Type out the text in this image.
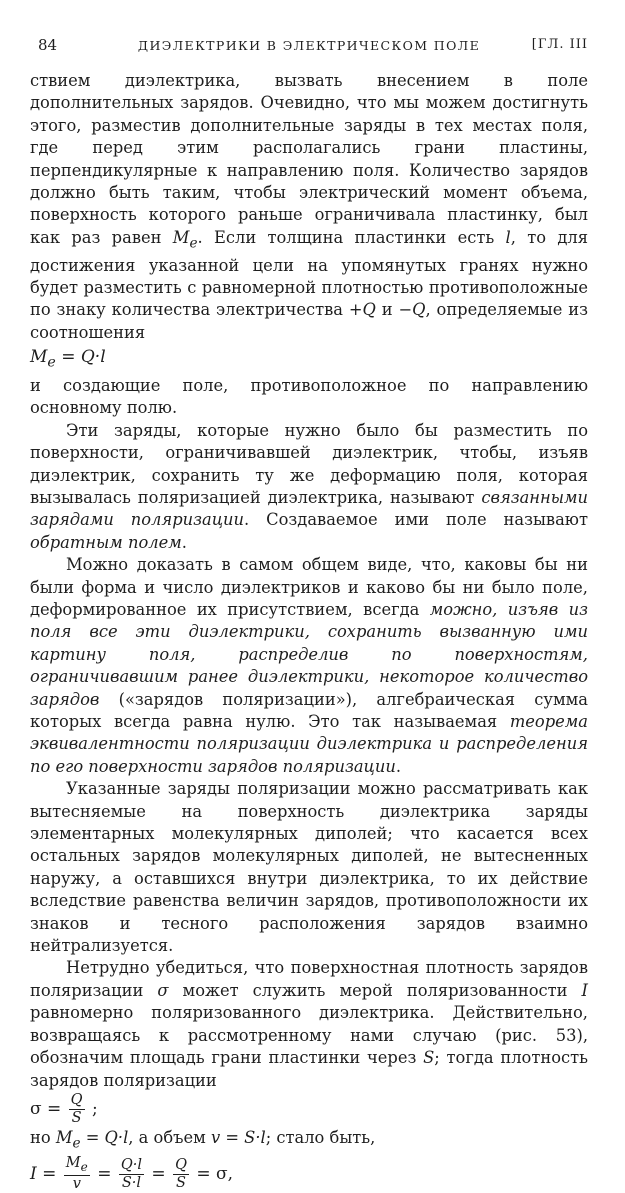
84	ДИЭЛЕКТРИКИ В ЭЛЕКТРИЧЕСКОМ ПОЛЕ	[ГЛ. III

ствием диэлектрика, вызвать внесением в поле дополнительных зарядов. Очевидно, что мы можем достигнуть этого, разместив дополнительные заряды в тех местах поля, где перед этим располагались грани пластины, перпендикулярные к направлению поля. Количество зарядов должно быть таким, чтобы электрический момент объема, поверхность которого раньше ограничивала пластинку, был как раз равен $M_e$. Если толщина пластинки есть l, то для достижения указанной цели на упомянутых гранях нужно будет разместить с равномерной плотностью противоположные по знаку количества электричества +Q и −Q, определяемые из соотношения

$M_e = Q\cdot l$

и создающие поле, противоположное по направлению основному полю.

Эти заряды, которые нужно было бы разместить по поверхности, ограничивавшей диэлектрик, чтобы, изъяв диэлектрик, сохранить ту же деформацию поля, которая вызывалась поляризацией диэлектрика, называют связанными зарядами поляризации. Создаваемое ими поле называют обратным полем.

Можно доказать в самом общем виде, что, каковы бы ни были форма и число диэлектриков и каково бы ни было поле, деформированное их присутствием, всегда можно, изъяв из поля все эти диэлектрики, сохранить вызванную ими картину поля, распределив по поверхностям, ограничивавшим ранее диэлектрики, некоторое количество зарядов («зарядов поляризации»), алгебраическая сумма которых всегда равна нулю. Это так называемая теорема эквивалентности поляризации диэлектрика и распределения по его поверхности зарядов поляризации.

Указанные заряды поляризации можно рассматривать как вытесняемые на поверхность диэлектрика заряды элементарных молекулярных диполей; что касается всех остальных зарядов молекулярных диполей, не вытесненных наружу, а оставшихся внутри диэлектрика, то их действие вследствие равенства величин зарядов, противоположности их знаков и тесного расположения зарядов взаимно нейтрализуется.

Нетрудно убедиться, что поверхностная плотность зарядов поляризации σ может служить мерой поляризованности I равномерно поляризованного диэлектрика. Действительно, возвращаясь к рассмотренному нами случаю (рис. 53), обозначим площадь грани пластинки через S; тогда плотность зарядов поляризации

$\sigma = \frac{Q}{S}$ ;

но $M_e = Q\cdot l$, а объем v = S·l; стало быть,

$I = \frac{M_e}{v} = \frac{Q\cdot l}{S\cdot l} = \frac{Q}{S} = \sigma$,
